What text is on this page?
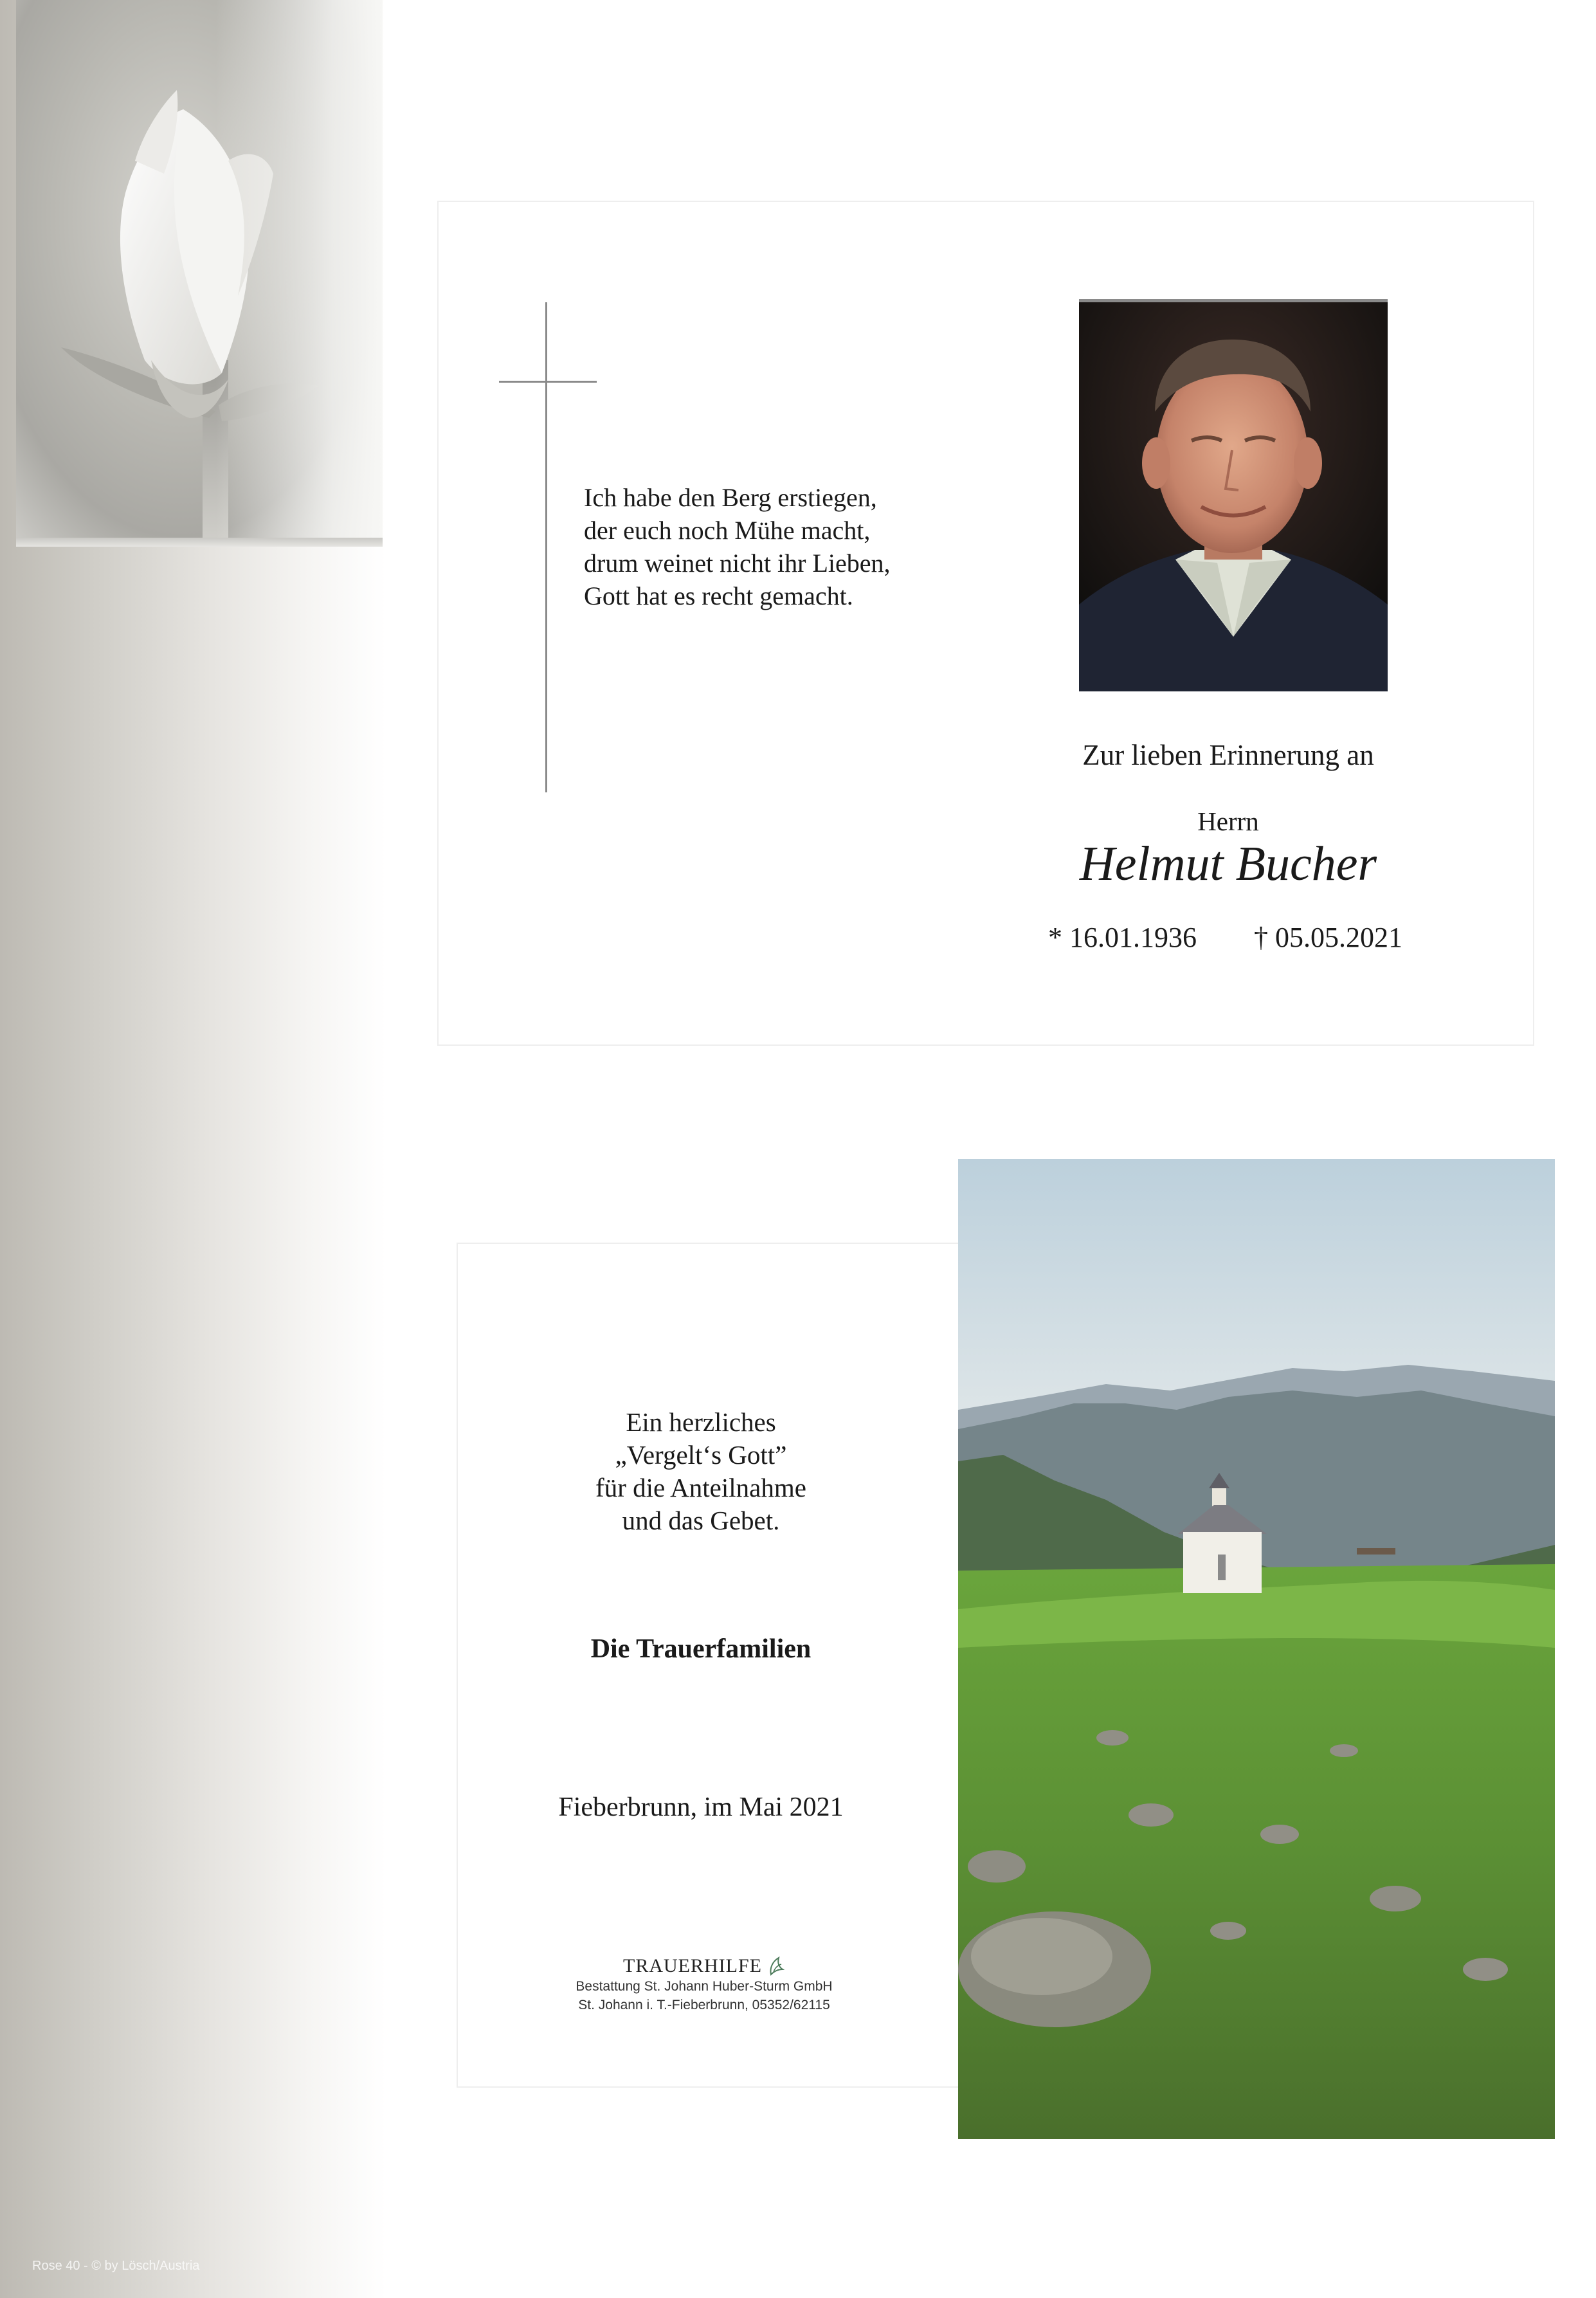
Rose 40 - © by Lösch/Austria
Ich habe den Berg erstiegen,
der euch noch Mühe macht,
drum weinet nicht ihr Lieben,
Gott hat es recht gemacht.
Zur lieben Erinnerung an
Herrn
Helmut Bucher
* 16.01.1936 † 05.05.2021
Ein herzliches
„Vergelt‘s Gott”
für die Anteilnahme
und das Gebet.
Die Trauerfamilien
Fieberbrunn, im Mai 2021
TRAUERHILFE
Bestattung St. Johann Huber-Sturm GmbH
St. Johann i. T.-Fieberbrunn, 05352/62115
